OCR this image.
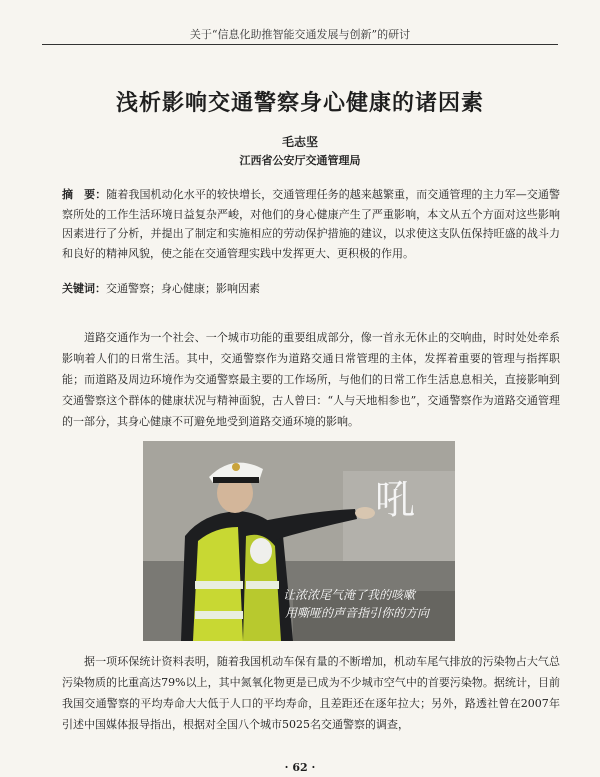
关于“信息化助推智能交通发展与创新”的研讨
浅析影响交通警察身心健康的诸因素
毛志坚
江西省公安厅交通管理局
摘　要：随着我国机动化水平的较快增长，交通管理任务的越来越繁重，而交通管理的主力军—交通警察所处的工作生活环境日益复杂严峻，对他们的身心健康产生了严重影响，本文从五个方面对这些影响因素进行了分析，并提出了制定和实施相应的劳动保护措施的建议，以求使这支队伍保持旺盛的战斗力和良好的精神风貌，使之能在交通管理实践中发挥更大、更积极的作用。
关键词：交通警察；身心健康；影响因素
道路交通作为一个社会、一个城市功能的重要组成部分，像一首永无休止的交响曲，时时处处牵系影响着人们的日常生活。其中，交通警察作为道路交通日常管理的主体，发挥着重要的管理与指挥职能；而道路及周边环境作为交通警察最主要的工作场所，与他们的日常工作生活息息相关，直接影响到交通警察这个群体的健康状况与精神面貌，古人曾曰：“人与天地相参也”，交通警察作为道路交通管理的一部分，其身心健康不可避免地受到道路交通环境的影响。
吼
让浓浓尾气淹了我的咳嗽
用嘶哑的声音指引你的方向
据一项环保统计资料表明，随着我国机动车保有量的不断增加，机动车尾气排放的污染物占大气总污染物质的比重高达79%以上，其中氮氧化物更是已成为不少城市空气中的首要污染物。据统计，目前我国交通警察的平均寿命大大低于人口的平均寿命，且差距还在逐年拉大；另外，路透社曾在2007年引述中国媒体报导指出，根据对全国八个城市5025名交通警察的调查，
· 62 ·
